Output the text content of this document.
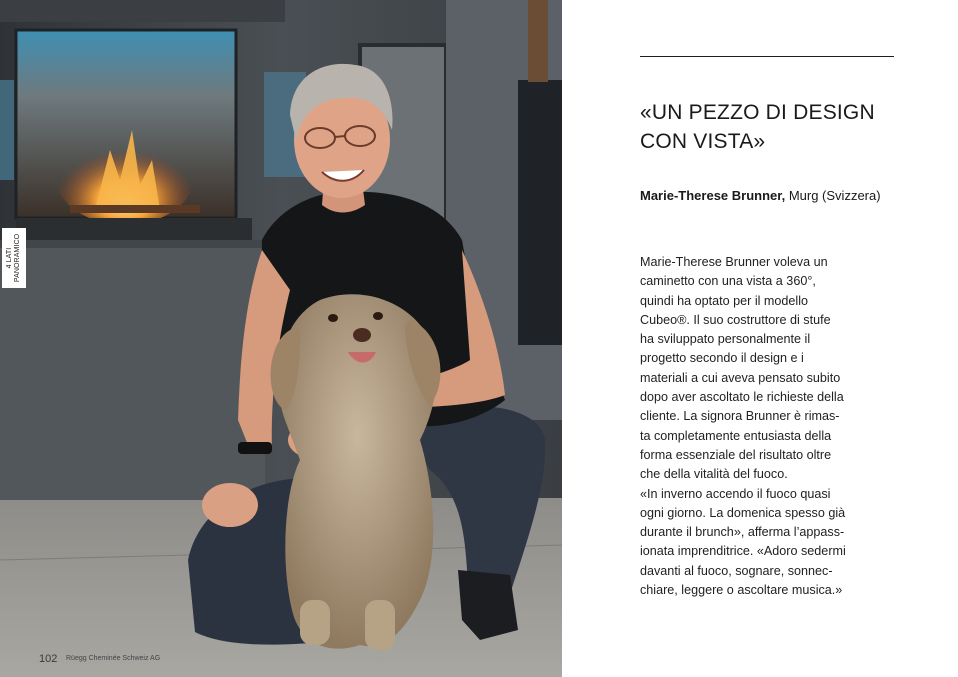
4 LATI
PANORAMICO
102 Rüegg Cheminée Schweiz AG
«UN PEZZO DI DESIGN
CON VISTA»
Marie-Therese Brunner, Murg (Svizzera)
Marie-Therese Brunner voleva un
caminetto con una vista a 360°,
quindi ha optato per il modello
Cubeo®. Il suo costruttore di stufe
ha sviluppato personalmente il
progetto secondo il design e i
materiali a cui aveva pensato subito
dopo aver ascoltato le richieste della
cliente. La signora Brunner è rimas-
ta completamente entusiasta della
forma essenziale del risultato oltre
che della vitalità del fuoco.
«In inverno accendo il fuoco quasi
ogni giorno. La domenica spesso già
durante il brunch», afferma l’appass-
ionata imprenditrice. «Adoro sedermi
davanti al fuoco, sognare, sonnec-
chiare, leggere o ascoltare musica.»
